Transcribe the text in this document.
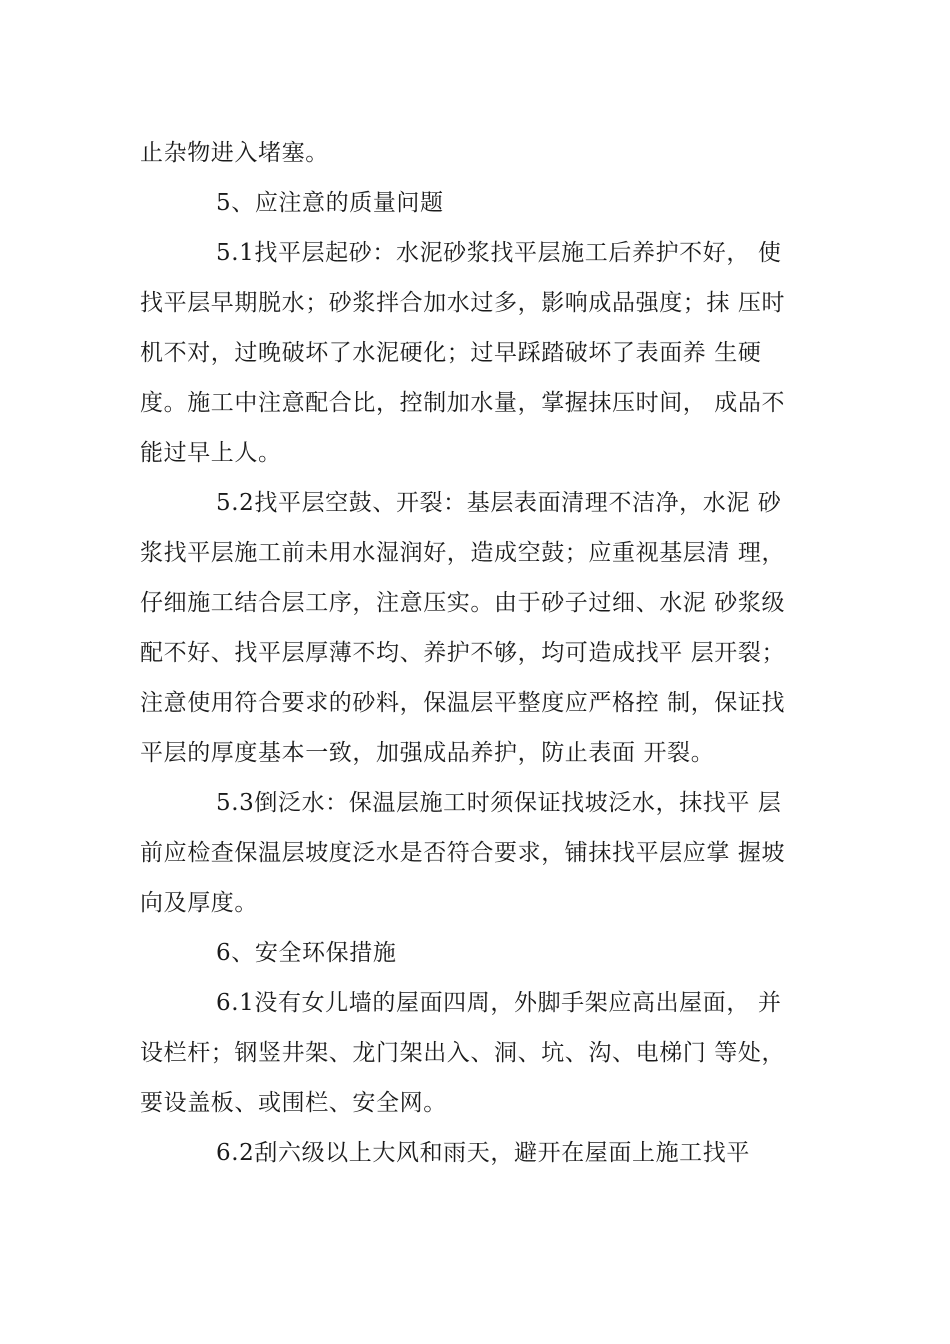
止杂物进入堵塞。
5、应注意的质量问题
5.1找平层起砂：水泥砂浆找平层施工后养护不好， 使
找平层早期脱水；砂浆拌合加水过多，影响成品强度；抹 压时
机不对，过晚破坏了水泥硬化；过早踩踏破坏了表面养 生硬
度。施工中注意配合比，控制加水量，掌握抹压时间， 成品不
能过早上人。
5.2找平层空鼓、开裂：基层表面清理不洁净，水泥 砂
浆找平层施工前未用水湿润好，造成空鼓；应重视基层清 理，
仔细施工结合层工序，注意压实。由于砂子过细、水泥 砂浆级
配不好、找平层厚薄不均、养护不够，均可造成找平 层开裂；
注意使用符合要求的砂料，保温层平整度应严格控 制，保证找
平层的厚度基本一致，加强成品养护，防止表面 开裂。
5.3倒泛水：保温层施工时须保证找坡泛水，抹找平 层
前应检查保温层坡度泛水是否符合要求，铺抹找平层应掌 握坡
向及厚度。
6、安全环保措施
6.1没有女儿墙的屋面四周，外脚手架应高出屋面， 并
设栏杆；钢竖井架、龙门架出入、洞、坑、沟、电梯门 等处，
要设盖板、或围栏、安全网。
6.2刮六级以上大风和雨天，避开在屋面上施工找平
